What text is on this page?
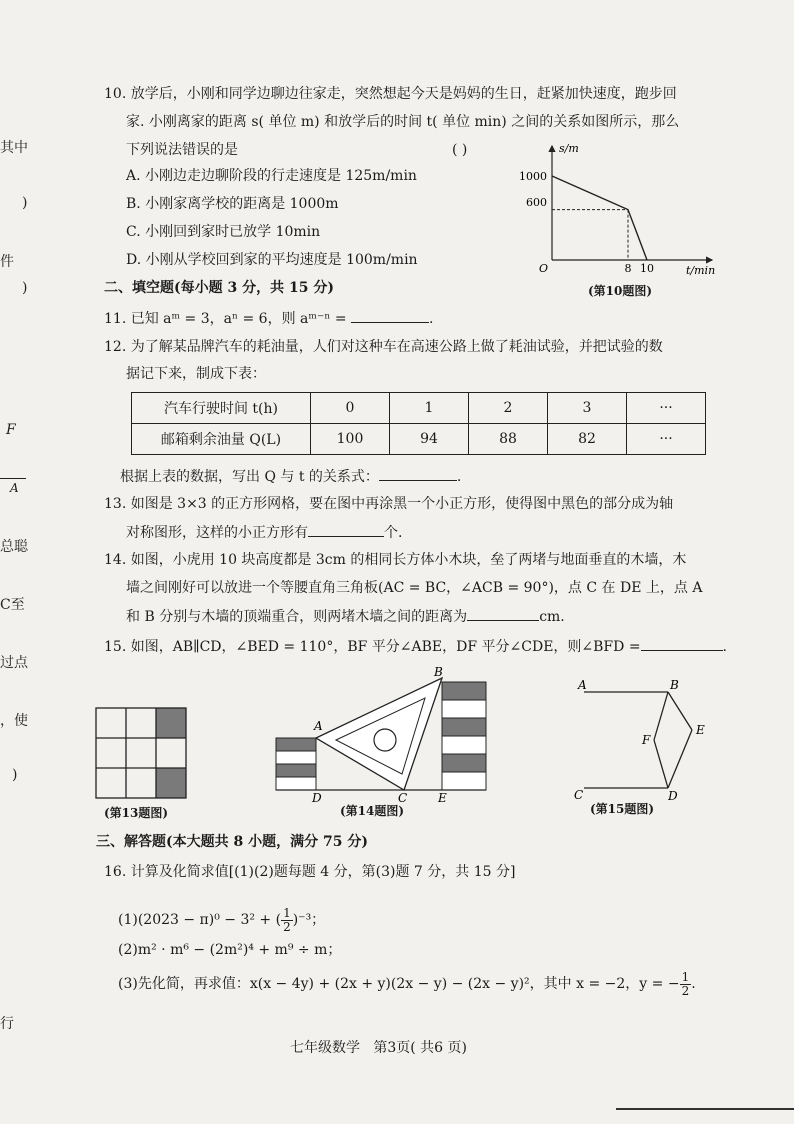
其中
)
件
)
F
A
总聪
C至
过点
，使
)
行
10. 放学后，小刚和同学边聊边往家走，突然想起今天是妈妈的生日，赶紧加快速度，跑步回
家. 小刚离家的距离 s( 单位 m) 和放学后的时间 t( 单位 min) 之间的关系如图所示，那么
下列说法错误的是	( )
A. 小刚边走边聊阶段的行走速度是 125m/min
B. 小刚家离学校的距离是 1000m
C. 小刚回到家时已放学 10min
D. 小刚从学校回到家的平均速度是 100m/min
s/m
t/min
O
1000
600
8 10
(第10题图)
二、填空题(每小题 3 分，共 15 分)
11. 已知 aᵐ = 3，aⁿ = 6，则 aᵐ⁻ⁿ =	.
12. 为了解某品牌汽车的耗油量，人们对这种车在高速公路上做了耗油试验，并把试验的数
据记下来，制成下表：
汽车行驶时间 t(h)	0	1	2	3	···
邮箱剩余油量 Q(L)	100	94	88	82	···
根据上表的数据，写出 Q 与 t 的关系式：	.
13. 如图是 3×3 的正方形网格，要在图中再涂黑一个小正方形，使得图中黑色的部分成为轴
对称图形，这样的小正方形有	个.
14. 如图，小虎用 10 块高度都是 3cm 的相同长方体小木块，垒了两堵与地面垂直的木墙，木
墙之间刚好可以放进一个等腰直角三角板(AC = BC，∠ACB = 90°)，点 C 在 DE 上，点 A
和 B 分别与木墙的顶端重合，则两堵木墙之间的距离为	cm.
15. 如图，AB∥CD，∠BED = 110°，BF 平分∠ABE，DF 平分∠CDE，则∠BFD =	.
(第13题图)
A
B
C
D	E
(第14题图)
A	B
E
F
C	D
(第15题图)
三、解答题(本大题共 8 小题，满分 75 分)
16. 计算及化简求值[(1)(2)题每题 4 分，第(3)题 7 分，共 15 分]
(1)(2023 − π)⁰ − 3² + ( $\frac{1}{2} )^{-3}$；
(2)m² · m⁶ − (2m²)⁴ + m⁹ ÷ m；
(3)先化简，再求值：x(x − 4y) + (2x + y)(2x − y) − (2x − y)²，其中 x = −2，y = − $\frac{1}{2}$ .
七年级数学   第3页( 共6 页)
